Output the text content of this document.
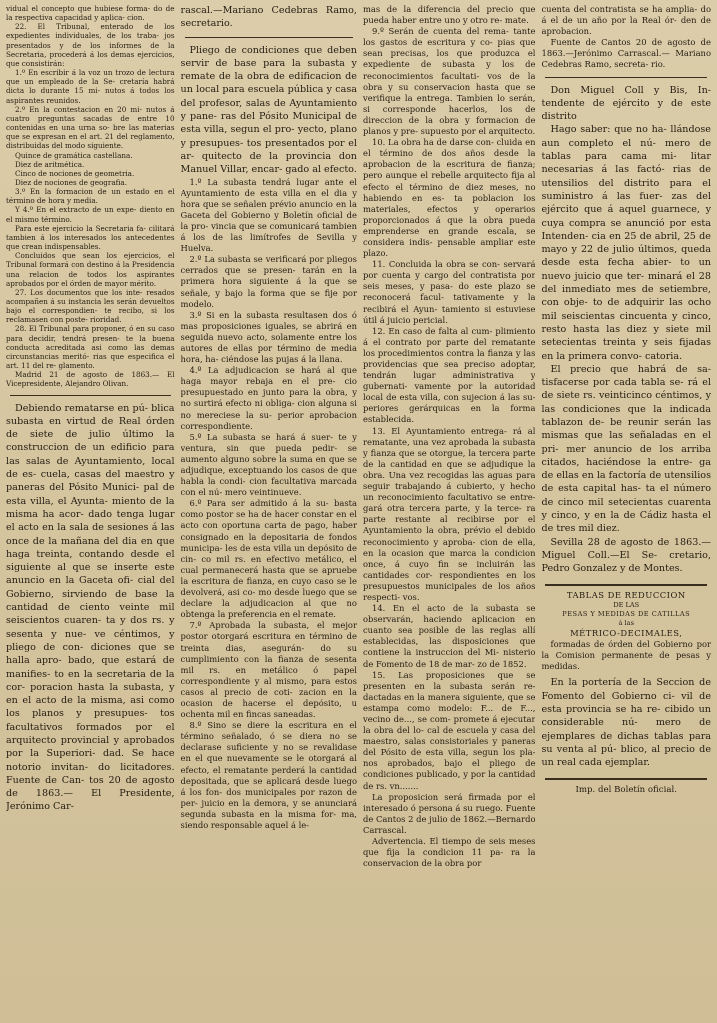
vidual el concepto que hubiese forma- do de la respectiva capacidad y aplica- cion.

22. El Tribunal, enterado de los expedientes individuales, de los traba- jos presentados y de los informes de la Secretaria, procederá á los demas ejercicios, que consistirán:

1.º En escribir á la voz un trozo de lectura que un empleado de la Se- cretaría habrá dicta lo durante 15 mi- nutos á todos los aspirantes reunidos.

2.º En la contestacion en 20 mi- nutos á cuatro preguntas sacadas de entre 10 contenidas en una urna so- bre las materias que se expresan en el art. 21 del reglamento, distribuidas del modo siguiente.

Quince de gramática castellana.

Diez de aritmética.

Cinco de nociones de geometria.

Diez de nociones de geografia.

3.º En la formacion de un estado en el término de hora y media.

Y 4.º En el extracto de un expe- diento en el mismo término.

Para este ejercicio la Secretaria fa- cilitará tambien á los interesados los antecedentes que crean indispensables.

Concluidos que sean los ejercicios, el Tribunal formará con destino á la Presidencia una relacion de todos los aspirantes aprobados por el órden de mayor mérito.

27. Los documentos que los inte- resados acompañen á su instancia les serán devueltos bajo el correspondien- te recibo, si los reclamasen con poste- rioridad.

28. El Tribunal para proponer, ó en su caso para decidir, tendrá presen- te la buena conducta acreditada asi como las demas circunstancias meritó- rias que especifica el art. 11 del re- glamento.

Madrid 21 de agosto de 1863.— El Vicepresidente, Alejandro Olivan.

Debiendo rematarse en pú- blica subasta en virtud de Real órden de siete de julio último la construccion de un edificio para las salas de Ayuntamiento, local de es- cuela, casas del maestro y paneras del Pósito Munici- pal de esta villa, el Ayunta- miento de la misma ha acor- dado tenga lugar el acto en la sala de sesiones á las once de la mañana del dia en que haga treinta, contando desde el siguiente al que se inserte este anuncio en la Gaceta ofi- cial del Gobierno, sirviendo de base la cantidad de ciento veinte mil seiscientos cuaren- ta y dos rs. y sesenta y nue- ve céntimos, y pliego de con- diciones que se halla apro- bado, que estará de manifies- to en la secretaria de la cor- poracion hasta la subasta, y en el acto de la misma, asi como los planos y presupues- tos facultativos formados por el arquitecto provincial y aprobados por la Superiori- dad. Se hace notorio invitan- do licitadores. Fuente de Can- tos 20 de agosto de 1863.— El Presidente, Jerónimo Car-

rascal.—Mariano Cedebras Ramo, secretario.

Pliego de condiciones que deben servir de base para la subasta y remate de la obra de edificacion de un local para escuela pública y casa del profesor, salas de Ayuntamiento y pane- ras del Pósito Municipal de esta villa, segun el pro- yecto, plano y presupues- tos presentados por el ar- quitecto de la provincia don Manuel Villar, encar- gado al efecto.

1.º La subasta tendrá lugar ante el Ayuntamiento de esta villa en el dia y hora que se señalen prévio anuncio en la Gaceta del Gobierno y Boletín oficial de la pro- vincia que se comunicará tambien á los de las limítrofes de Sevilla y Huelva.

2.º La subasta se verificará por pliegos cerrados que se presen- tarán en la primera hora siguiente á la que se señale, y bajo la forma que se fije por modelo.

3.º Si en la subasta resultasen dos ó mas proposiciones iguales, se abrirá en seguida nuevo acto, solamente entre los autores de ellas por término de media hora, ha- ciéndose las pujas á la llana.

4.º La adjudicacion se hará al que haga mayor rebaja en el pre- cio presupuestado en junto para la obra, y no surtirá efecto ni obliga- cion alguna si no mereciese la su- perior aprobacion correspondiente.

5.º La subasta se hará á suer- te y ventura, sin que pueda pedir- se aumento alguno sobre la suma en que se adjudique, exceptuando los casos de que habla la condi- cion facultativa marcada con el nú- mero veintinueve.

6.º Para ser admitido á la su- basta como postor se ha de hacer constar en el acto con oportuna carta de pago, haber consignado en la depositaria de fondos municipa- les de esta villa un depósito de cin- co mil rs. en efectivo metálico, el cual permanecerá hasta que se apruebe la escritura de fianza, en cuyo caso se le devolverá, asi co- mo desde luego que se declare la adjudicacion al que no obtenga la preferencia en el remate.

7.º Aprobada la subasta, el mejor postor otorgará escritura en término de treinta dias, asegurán- do su cumplimiento con la fianza de sesenta mil rs. en metálico ó papel correspondiente y al mismo, para estos casos al precio de coti- zacion en la ocasion de hacerse el depósito, u ochenta mil en fincas saneadas.

8.º Sino se diere la escritura en el término señalado, ó se diera no se declarase suficiente y no se revalidase en el que nuevamente se le otorgará al efecto, el rematante perderá la cantidad depositada, que se aplicará desde luego á los fon- dos municipales por razon de per- juicio en la demora, y se anunciará segunda subasta en la misma for- ma, siendo responsable aquel á le-

mas de la diferencia del precio que pueda haber entre uno y otro re- mate.

9.º Serán de cuenta del rema- tante los gastos de escritura y co- pias que sean precisas, los que produzca el expediente de subasta y los de reconocimientos facultati- vos de la obra y su conservacion hasta que se verifique la entrega. Tambien lo serán, si corresponde hacerlos, los de direccion de la obra y formacion de planos y pre- supuesto por el arquitecto.

10. La obra ha de darse con- cluida en el término de dos años desde la aprobacion de la escritura de fianza; pero aunque el rebelle arquitecto fija al efecto el término de diez meses, no habiendo en es- ta poblacion los materiales, efectos y operarios proporcionados á que la obra pueda emprenderse en grande escala, se considera indis- pensable ampliar este plazo.

11. Concluida la obra se con- servará por cuenta y cargo del contratista por seis meses, y pasa- do este plazo se reconocerá facul- tativamente y la recibirá el Ayun- tamiento si estuviese útil á juicio pericial.

12. En caso de falta al cum- plimiento á el contrato por parte del rematante los procedimientos contra la fianza y las providencias que sea preciso adoptar, tendrán lugar administrativa y gubernati- vamente por la autoridad local de esta villa, con sujecion á las su- periores gerárquicas en la forma establecida.

13. El Ayuntamiento entrega- rá al rematante, una vez aprobada la subasta y fianza que se otorgue, la tercera parte de la cantidad en que se adjudique la obra. Una vez recogidas las aguas para seguir trabajando á cubierto, y hecho un reconocimiento facultativo se entre- gará otra tercera parte, y la terce- ra parte restante al recibirse por el Ayuntamiento la obra, prévio el debido reconocimiento y aproba- cion de ella, en la ocasion que marca la condicion once, á cuyo fin se incluirán las cantidades cor- respondientes en los presupuestos municipales de los años respecti- vos.

14. En el acto de la subasta se observarán, haciendo aplicacion en cuanto sea posible de las reglas allí establecidas, las disposiciones que contiene la instruccion del Mi- nisterio de Fomento de 18 de mar- zo de 1852.

15. Las proposiciones que se presenten en la subasta serán re- dactadas en la manera siguiente, que se estampa como modelo: F... de F..., vecino de..., se com- promete á ejecutar la obra del lo- cal de escuela y casa del maestro, salas consistoriales y paneras del Pósito de esta villa, segun los pla- nos aprobados, bajo el pliego de condiciones publicado, y por la cantidad de rs. vn.......

La proposicion será firmada por el interesado ó persona á su ruego. Fuente de Cantos 2 de julio de 1862.—Bernardo Carrascal.

Advertencia. El tiempo de seis meses que fija la condicion 11 pa- ra la conservacion de la obra por

cuenta del contratista se ha amplia- do á el de un año por la Real ór- den de aprobacion.

Fuente de Cantos 20 de agosto de 1863.—Jerónimo Carrascal.— Mariano Cedebras Ramo, secreta- rio.

Don Miguel Coll y Bis, In- tendente de ejército y de este distrito

Hago saber: que no ha- llándose aun completo el nú- mero de tablas para cama mi- litar necesarias á las factó- rias de utensilios del distrito para el suministro á las fuer- zas del ejército que á aquel guarnece, y cuya compra se anunció por esta Intenden- cia en 25 de abril, 25 de mayo y 22 de julio últimos, queda desde esta fecha abier- to un nuevo juicio que ter- minará el 28 del inmediato mes de setiembre, con obje- to de adquirir las ocho mil seiscientas cincuenta y cinco, resto hasta las diez y siete mil setecientas treinta y seis fijadas en la primera convo- catoria.

El precio que habrá de sa- tisfacerse por cada tabla se- rá el de siete rs. veinticinco céntimos, y las condiciones que la indicada tablazon de- be reunir serán las mismas que las señaladas en el pri- mer anuncio de los arriba citados, haciéndose la entre- ga de ellas en la factoría de utensilios de esta capital has- ta el número de cinco mil setecientas cuarenta y cinco, y en la de Cádiz hasta el de tres mil diez.

Sevilla 28 de agosto de 1863.—Miguel Coll.—El Se- cretario, Pedro Gonzalez y de Montes.

TABLAS DE REDUCCION

DE LAS

PESAS Y MEDIDAS DE CATILLAS

á las

MÉTRICO-DECIMALES,

formadas de órden del Gobierno por la Comision permanente de pesas y medidas.

En la portería de la Seccion de Fomento del Gobierno ci- vil de esta provincia se ha re- cibido un considerable nú- mero de ejemplares de dichas tablas para su venta al pú- blico, al precio de un real cada ejemplar.

Imp. del Boletín oficial.
